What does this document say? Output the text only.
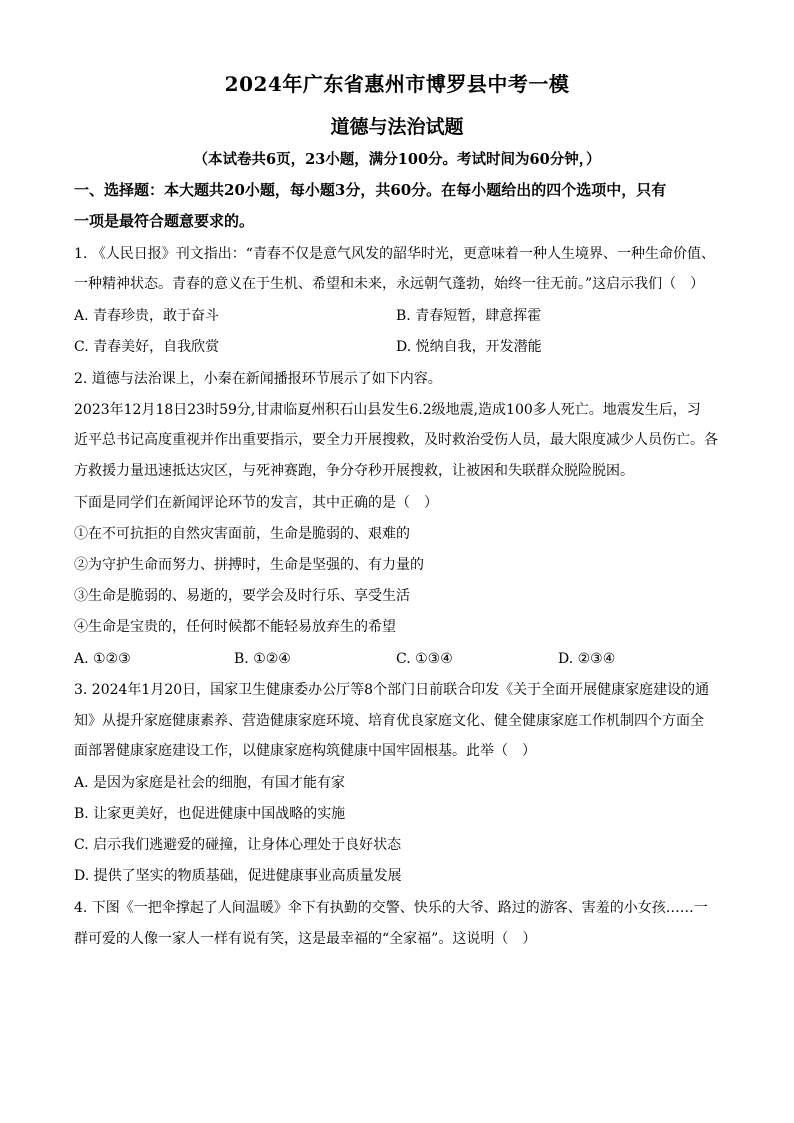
2024年广东省惠州市博罗县中考一模
道德与法治试题
（本试卷共6页，23小题，满分100分。考试时间为60分钟，）
一、选择题：本大题共20小题，每小题3分，共60分。在每小题给出的四个选项中，只有
一项是最符合题意要求的。
1. 《人民日报》刊文指出：“青春不仅是意气风发的韶华时光，更意味着一种人生境界、一种生命价值、
一种精神状态。青春的意义在于生机、希望和未来，永远朝气蓬勃，始终一往无前。”这启示我们（　）
A. 青春珍贵，敢于奋斗	B. 青春短暂，肆意挥霍
C. 青春美好，自我欣赏	D. 悦纳自我，开发潜能
2. 道德与法治课上，小秦在新闻播报环节展示了如下内容。
2023年12月18日23时59分,甘肃临夏州积石山县发生6.2级地震,造成100多人死亡。地震发生后，习
近平总书记高度重视并作出重要指示，要全力开展搜救，及时救治受伤人员，最大限度减少人员伤亡。各
方救援力量迅速抵达灾区，与死神赛跑，争分夺秒开展搜救，让被困和失联群众脱险脱困。
下面是同学们在新闻评论环节的发言，其中正确的是（　）
①在不可抗拒的自然灾害面前，生命是脆弱的、艰难的
②为守护生命而努力、拼搏时，生命是坚强的、有力量的
③生命是脆弱的、易逝的，要学会及时行乐、享受生活
④生命是宝贵的，任何时候都不能轻易放弃生的希望
A. ①②③	B. ①②④	C. ①③④	D. ②③④
3. 2024年1月20日，国家卫生健康委办公厅等8个部门日前联合印发《关于全面开展健康家庭建设的通
知》从提升家庭健康素养、营造健康家庭环境、培育优良家庭文化、健全健康家庭工作机制四个方面全
面部署健康家庭建设工作，以健康家庭构筑健康中国牢固根基。此举（　）
A. 是因为家庭是社会的细胞，有国才能有家
B. 让家更美好，也促进健康中国战略的实施
C. 启示我们逃避爱的碰撞，让身体心理处于良好状态
D. 提供了坚实的物质基础，促进健康事业高质量发展
4. 下图《一把伞撑起了人间温暖》伞下有执勤的交警、快乐的大爷、路过的游客、害羞的小女孩……一
群可爱的人像一家人一样有说有笑，这是最幸福的“全家福”。这说明（　）
